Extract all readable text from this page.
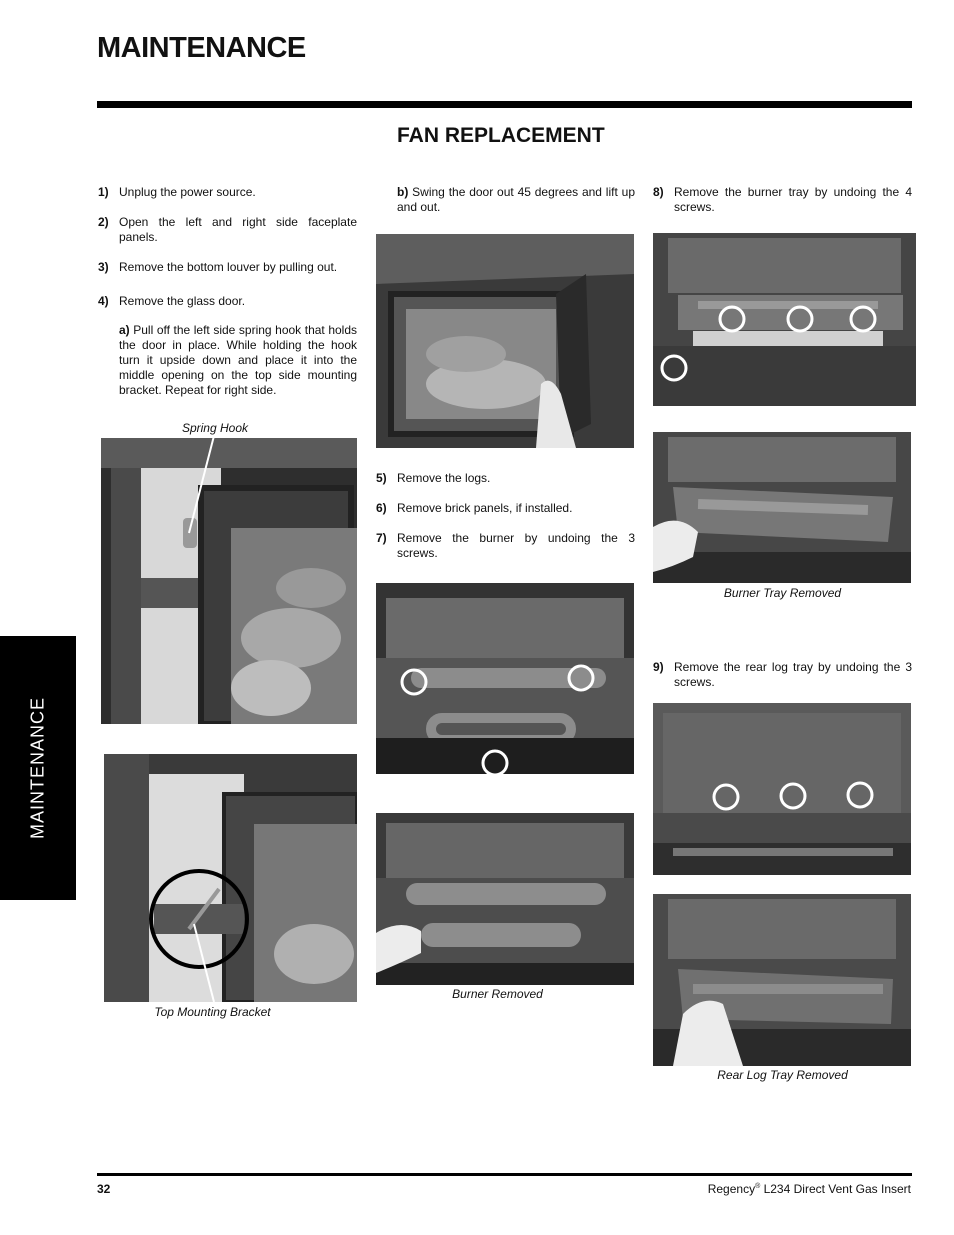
MAINTENANCE
FAN REPLACEMENT
MAINTENANCE
1) Unplug the power source.
2) Open the left and right side faceplate panels.
3) Remove the bottom louver by pulling out.
4) Remove the glass door.
a) Pull off the left side spring hook that holds the door in place. While holding the hook turn it upside down and place it into the middle opening on the top side mounting bracket. Repeat for right side.
Spring Hook
Top Mounting Bracket
b) Swing the door out 45 degrees and lift up and out.
5) Remove the logs.
6) Remove brick panels, if installed.
7) Remove the burner by undoing the 3 screws.
Burner Removed
8) Remove the burner tray by undoing the 4 screws.
Burner Tray Removed
9) Remove the rear log tray by undoing the 3 screws.
Rear Log Tray Removed
32	Regency® L234 Direct Vent Gas Insert
